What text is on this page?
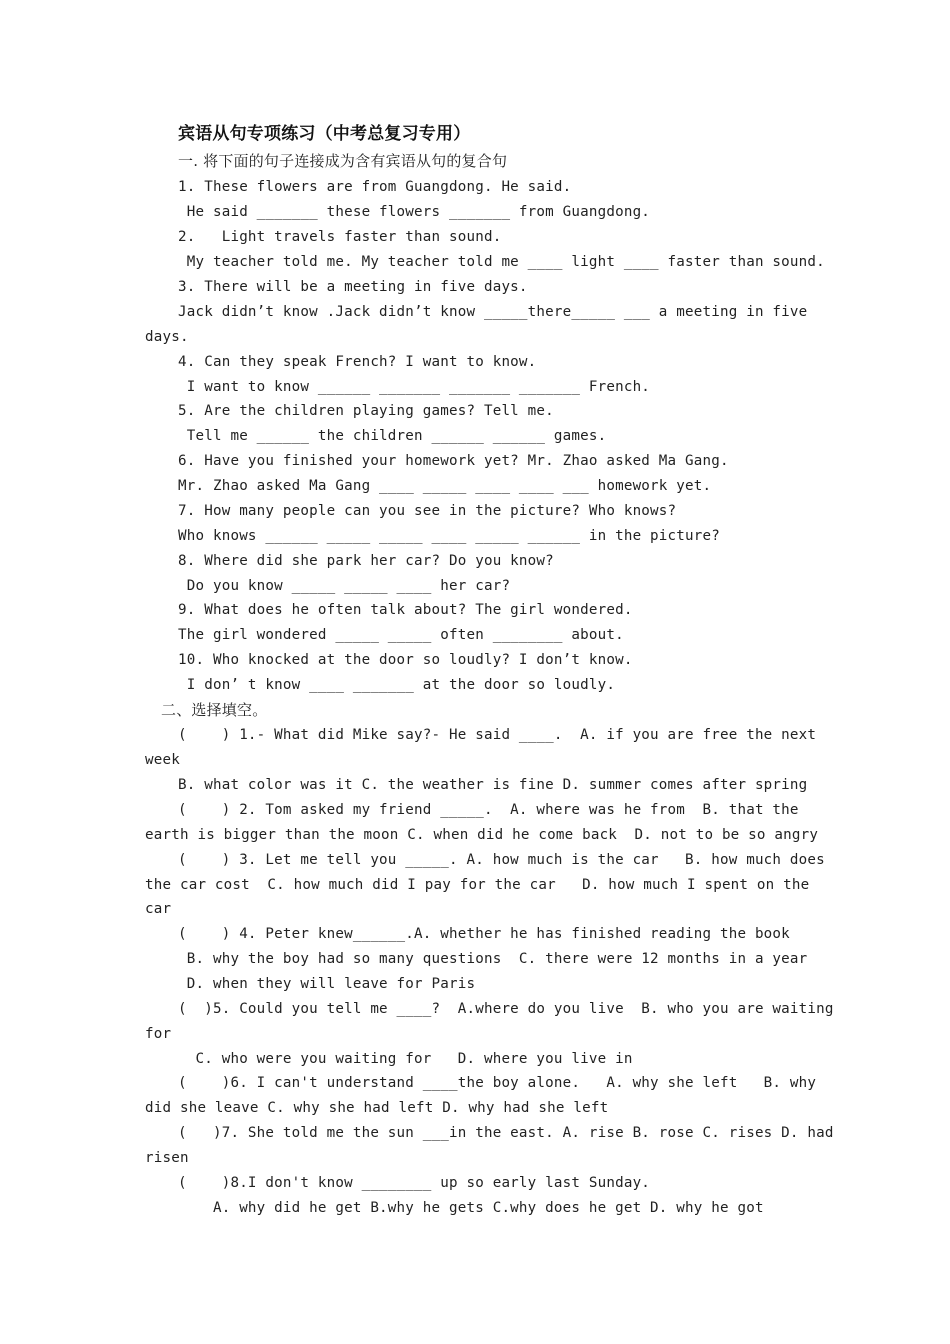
宾语从句专项练习（中考总复习专用）
一. 将下面的句子连接成为含有宾语从句的复合句
1. These flowers are from Guangdong. He said.
He said _______ these flowers _______ from Guangdong.
2.   Light travels faster than sound.
My teacher told me. My teacher told me ____ light ____ faster than sound.
3. There will be a meeting in five days.
Jack didn’t know .Jack didn’t know _____there_____ ___ a meeting in five
days.
4. Can they speak French? I want to know.
I want to know ______ _______ _______ _______ French.
5. Are the children playing games? Tell me.
Tell me ______ the children ______ ______ games.
6. Have you finished your homework yet? Mr. Zhao asked Ma Gang.
Mr. Zhao asked Ma Gang ____ _____ ____ ____ ___ homework yet.
7. How many people can you see in the picture? Who knows?
Who knows ______ _____ _____ ____ _____ ______ in the picture?
8. Where did she park her car? Do you know?
Do you know _____ _____ ____ her car?
9. What does he often talk about? The girl wondered.
The girl wondered _____ _____ often ________ about.
10. Who knocked at the door so loudly? I don’t know.
I don’ t know ____ _______ at the door so loudly.
二、选择填空。
(    ) 1.- What did Mike say?- He said ____.  A. if you are free the next
week
B. what color was it C. the weather is fine D. summer comes after spring
(    ) 2. Tom asked my friend _____.  A. where was he from  B. that the
earth is bigger than the moon C. when did he come back  D. not to be so angry
(    ) 3. Let me tell you _____. A. how much is the car   B. how much does
the car cost  C. how much did I pay for the car   D. how much I spent on the
car
(    ) 4. Peter knew______.A. whether he has finished reading the book
B. why the boy had so many questions  C. there were 12 months in a year
D. when they will leave for Paris
(  )5. Could you tell me ____?  A.where do you live  B. who you are waiting
for
C. who were you waiting for   D. where you live in
(    )6. I can't understand ____the boy alone.   A. why she left   B. why
did she leave C. why she had left D. why had she left
(   )7. She told me the sun ___in the east. A. rise B. rose C. rises D. had
risen
(    )8.I don't know ________ up so early last Sunday.
A. why did he get B.why he gets C.why does he get D. why he got
